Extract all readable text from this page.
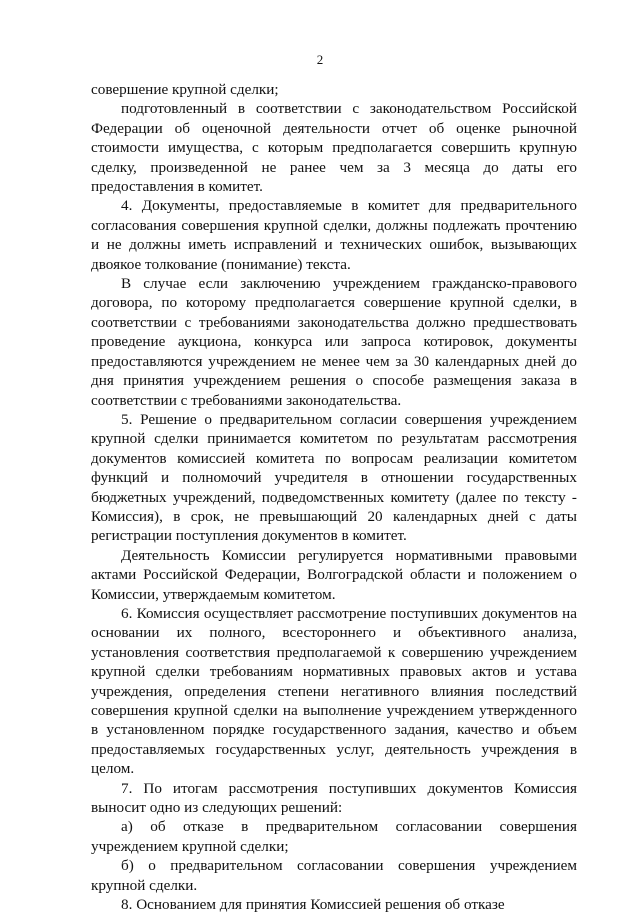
2

совершение крупной сделки;

подготовленный в соответствии с законодательством Российской Федерации об оценочной деятельности отчет об оценке рыночной стоимости имущества, с которым предполагается совершить крупную сделку, произведенной не ранее чем за 3 месяца до даты его предоставления в комитет.

4. Документы, предоставляемые в комитет для предварительного согласования совершения крупной сделки, должны подлежать прочтению и не должны иметь исправлений и технических ошибок, вызывающих двоякое толкование (понимание) текста.

В случае если заключению учреждением гражданско-правового договора, по которому предполагается совершение крупной сделки, в соответствии с требованиями законодательства должно предшествовать проведение аукциона, конкурса или запроса котировок, документы предоставляются учреждением не менее чем за 30 календарных дней до дня принятия учреждением решения о способе размещения заказа в соответствии с требованиями законодательства.

5. Решение о предварительном согласии совершения учреждением крупной сделки принимается комитетом по результатам рассмотрения документов комиссией комитета по вопросам реализации комитетом функций и полномочий учредителя в отношении государственных бюджетных учреждений, подведомственных комитету (далее по тексту - Комиссия), в срок, не превышающий 20 календарных дней с даты регистрации поступления документов в комитет.

Деятельность Комиссии регулируется нормативными правовыми актами Российской Федерации, Волгоградской области и положением о Комиссии, утверждаемым комитетом.

6. Комиссия осуществляет рассмотрение поступивших документов на основании их полного, всестороннего и объективного анализа, установления соответствия предполагаемой к совершению учреждением крупной сделки требованиям нормативных правовых актов и устава учреждения, определения степени негативного влияния последствий совершения крупной сделки на выполнение учреждением утвержденного в установленном порядке государственного задания, качество и объем предоставляемых государственных услуг, деятельность учреждения в целом.

7. По итогам рассмотрения поступивших документов Комиссия выносит одно из следующих решений:

а) об отказе в предварительном согласовании совершения учреждением крупной сделки;

б) о предварительном согласовании совершения учреждением крупной сделки.

8. Основанием для принятия Комиссией решения об отказе
